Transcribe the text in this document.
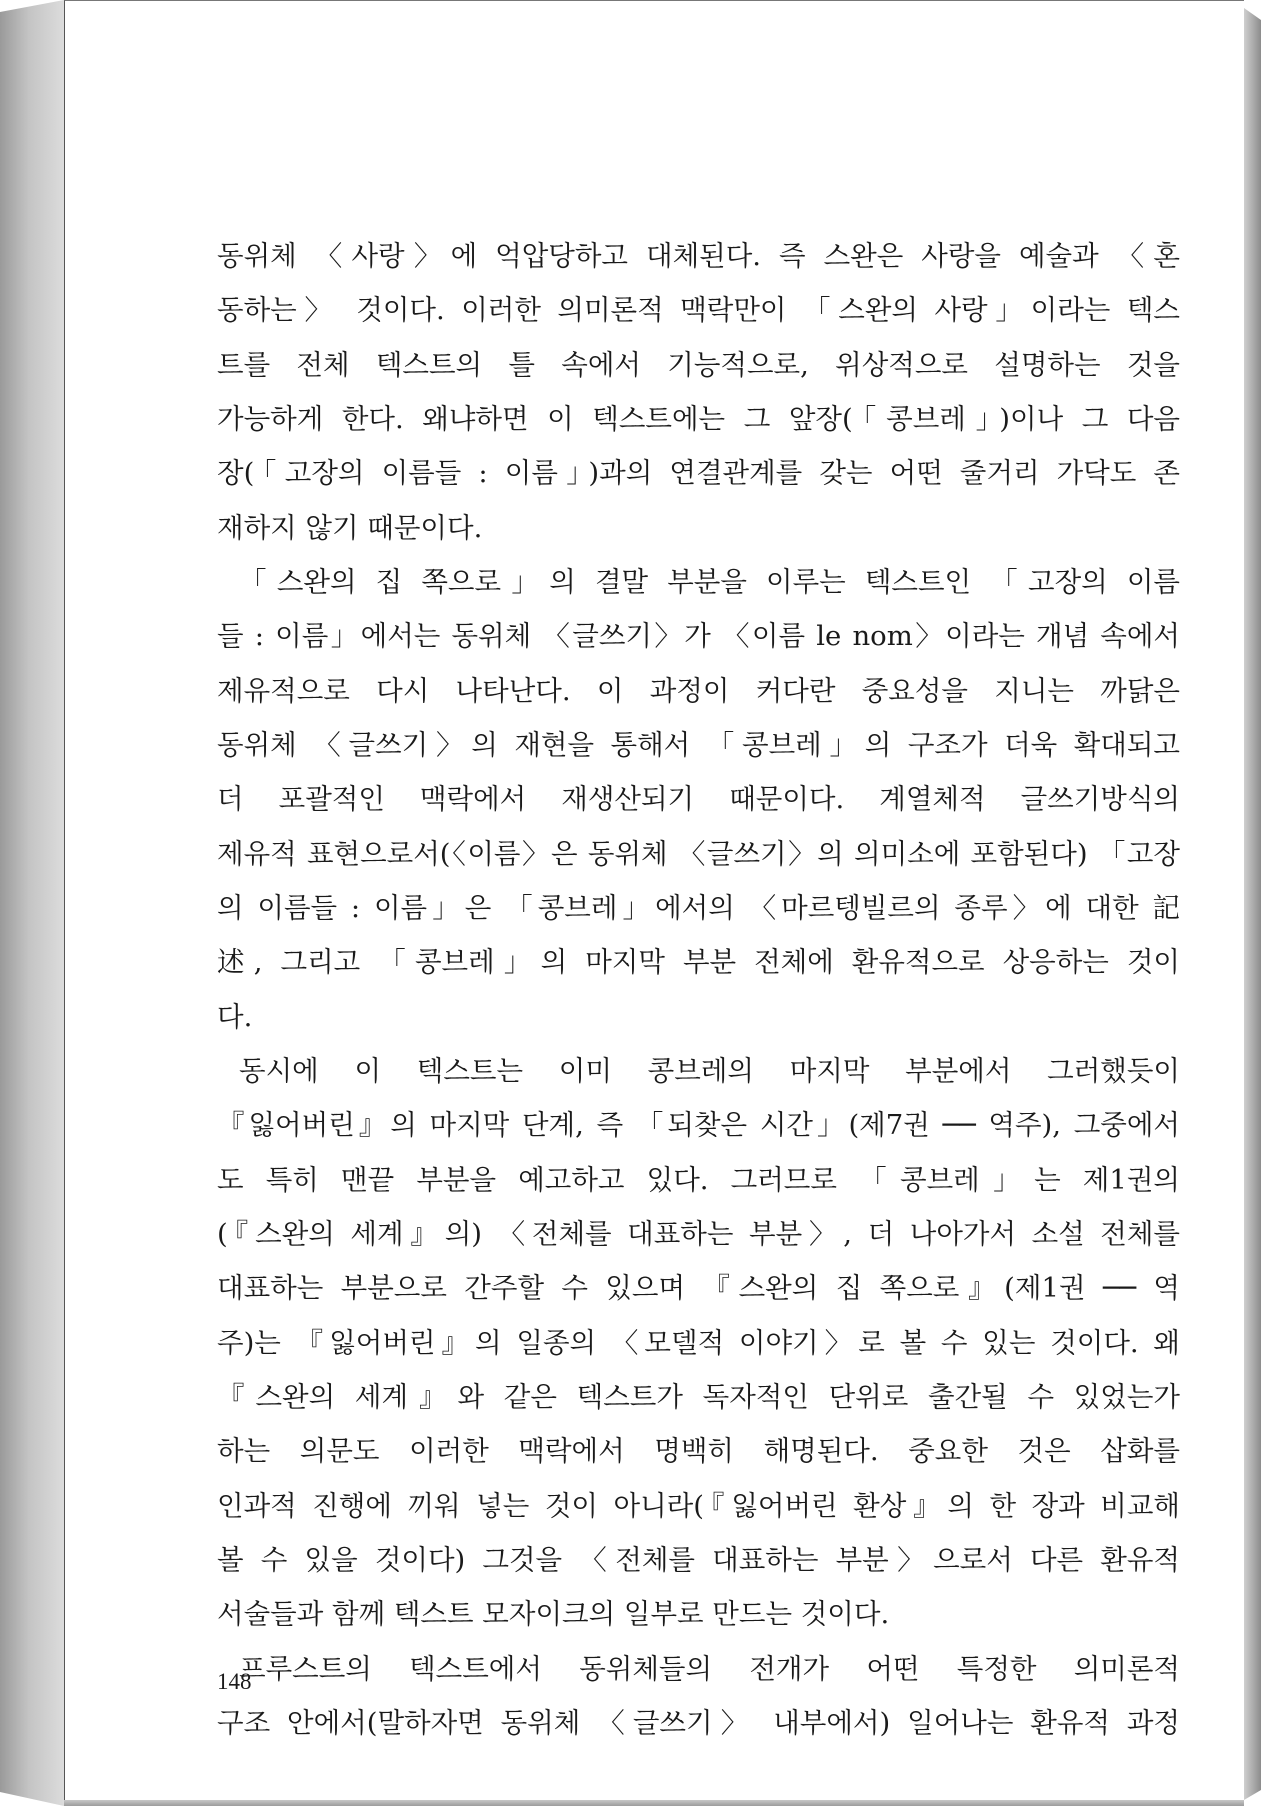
동위체 〈사랑〉에 억압당하고 대체된다. 즉 스완은 사랑을 예술과 〈혼
동하는〉 것이다. 이러한 의미론적 맥락만이 「스완의 사랑」이라는 텍스
트를 전체 텍스트의 틀 속에서 기능적으로, 위상적으로 설명하는 것을
가능하게 한다. 왜냐하면 이 텍스트에는 그 앞장(「콩브레」)이나 그 다음
장(「고장의 이름들 : 이름」)과의 연결관계를 갖는 어떤 줄거리 가닥도 존
재하지 않기 때문이다.
「스완의 집 쪽으로」의 결말 부분을 이루는 텍스트인 「고장의 이름
들 : 이름」에서는 동위체 〈글쓰기〉가 〈이름 le nom〉이라는 개념 속에서
제유적으로 다시 나타난다. 이 과정이 커다란 중요성을 지니는 까닭은
동위체 〈글쓰기〉의 재현을 통해서 「콩브레」의 구조가 더욱 확대되고
더 포괄적인 맥락에서 재생산되기 때문이다. 계열체적 글쓰기방식의
제유적 표현으로서(〈이름〉은 동위체 〈글쓰기〉의 의미소에 포함된다) 「고장
의 이름들 : 이름」은 「콩브레」에서의 〈마르텡빌르의 종루〉에 대한 記
述, 그리고 「콩브레」의 마지막 부분 전체에 환유적으로 상응하는 것이
다.
동시에 이 텍스트는 이미 콩브레의 마지막 부분에서 그러했듯이
『잃어버린』의 마지막 단계, 즉 「되찾은 시간」(제7권 ── 역주), 그중에서
도 특히 맨끝 부분을 예고하고 있다. 그러므로 「콩브레」는 제1권의
(『스완의 세계』의) 〈전체를 대표하는 부분〉, 더 나아가서 소설 전체를
대표하는 부분으로 간주할 수 있으며 『스완의 집 쪽으로』(제1권 ── 역
주)는 『잃어버린』의 일종의 〈모델적 이야기〉로 볼 수 있는 것이다. 왜
『스완의 세계』와 같은 텍스트가 독자적인 단위로 출간될 수 있었는가
하는 의문도 이러한 맥락에서 명백히 해명된다. 중요한 것은 삽화를
인과적 진행에 끼워 넣는 것이 아니라(『잃어버린 환상』의 한 장과 비교해
볼 수 있을 것이다) 그것을 〈전체를 대표하는 부분〉으로서 다른 환유적
서술들과 함께 텍스트 모자이크의 일부로 만드는 것이다.
프루스트의 텍스트에서 동위체들의 전개가 어떤 특정한 의미론적
구조 안에서(말하자면 동위체 〈글쓰기〉 내부에서) 일어나는 환유적 과정
148
